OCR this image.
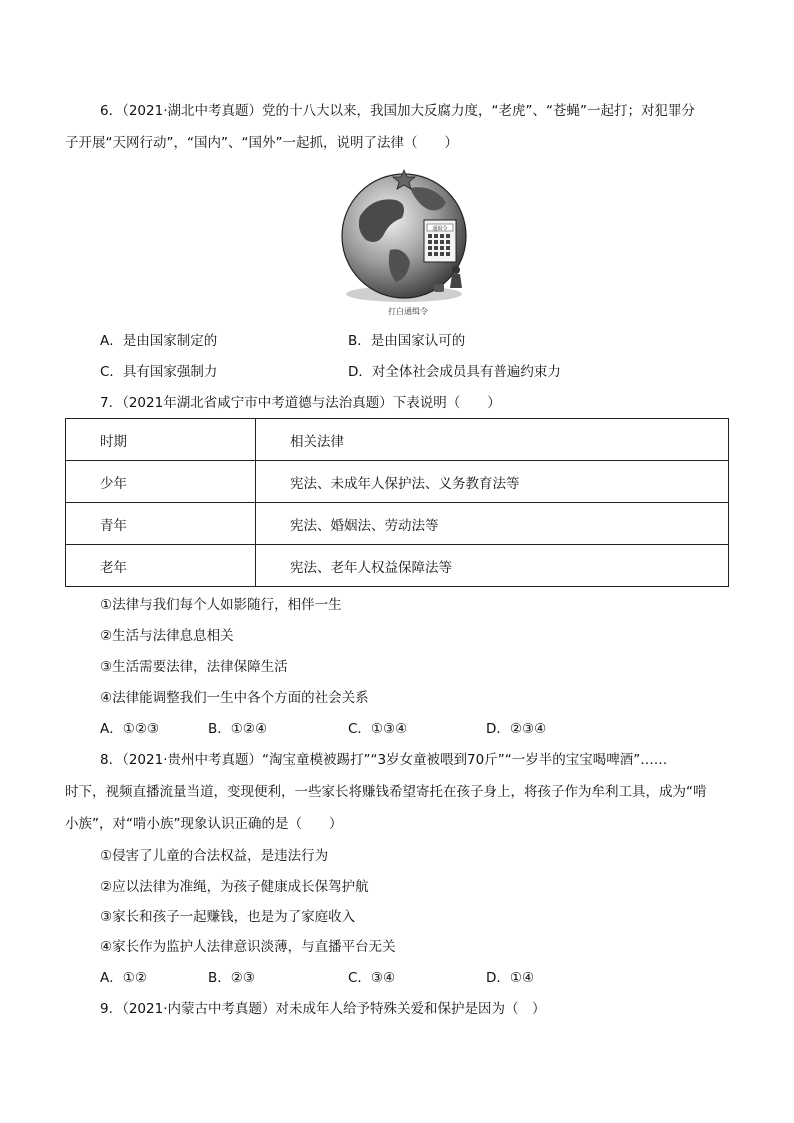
6．（2021·湖北中考真题）党的十八大以来，我国加大反腐力度，“老虎”、“苍蝇”一起打；对犯罪分
子开展“天网行动”，“国内”、“国外”一起抓，说明了法律（　　）
通缉令
打白通缉令
A．是由国家制定的	B．是由国家认可的
C．具有国家强制力	D．对全体社会成员具有普遍约束力
7．（2021年湖北省咸宁市中考道德与法治真题）下表说明（　　）
时期	相关法律
少年	宪法、未成年人保护法、义务教育法等
青年	宪法、婚姻法、劳动法等
老年	宪法、老年人权益保障法等
①法律与我们每个人如影随行，相伴一生
②生活与法律息息相关
③生活需要法律，法律保障生活
④法律能调整我们一生中各个方面的社会关系
A．①②③	B．①②④	C．①③④	D．②③④
8．（2021·贵州中考真题）“淘宝童模被踢打”“3岁女童被喂到70斤”“一岁半的宝宝喝啤酒”……
时下，视频直播流量当道，变现便利，一些家长将赚钱希望寄托在孩子身上，将孩子作为牟利工具，成为“啃
小族”，对“啃小族”现象认识正确的是（　　）
①侵害了儿童的合法权益，是违法行为
②应以法律为准绳，为孩子健康成长保驾护航
③家长和孩子一起赚钱，也是为了家庭收入
④家长作为监护人法律意识淡薄，与直播平台无关
A．①②	B．②③	C．③④	D．①④
9．（2021·内蒙古中考真题）对未成年人给予特殊关爱和保护是因为（　）
